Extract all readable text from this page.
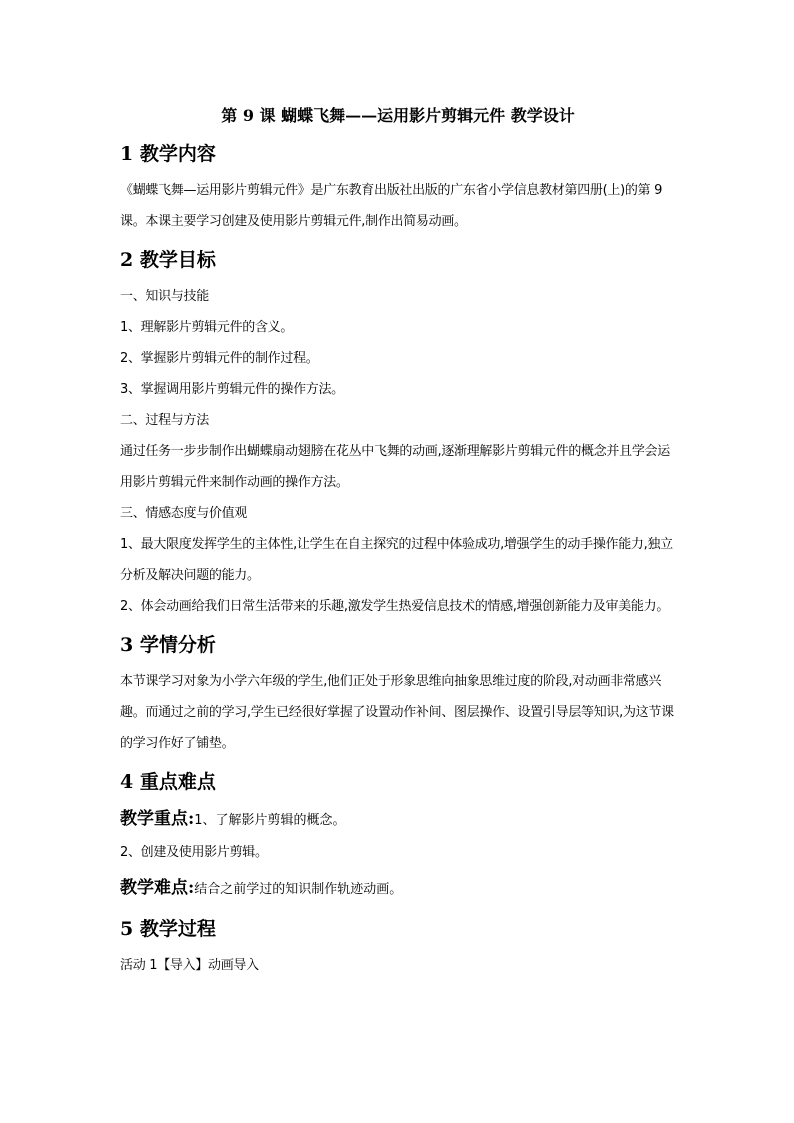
第 9 课 蝴蝶飞舞——运用影片剪辑元件 教学设计
1 教学内容

《蝴蝶飞舞—运用影片剪辑元件》是广东教育出版社出版的广东省小学信息教材第四册(上)的第 9 课。本课主要学习创建及使用影片剪辑元件,制作出简易动画。

2 教学目标

一、知识与技能

1、理解影片剪辑元件的含义。

2、掌握影片剪辑元件的制作过程。

3、掌握调用影片剪辑元件的操作方法。

二、过程与方法

通过任务一步步制作出蝴蝶扇动翅膀在花丛中飞舞的动画,逐渐理解影片剪辑元件的概念并且学会运用影片剪辑元件来制作动画的操作方法。

三、情感态度与价值观

1、最大限度发挥学生的主体性,让学生在自主探究的过程中体验成功,增强学生的动手操作能力,独立分析及解决问题的能力。

2、体会动画给我们日常生活带来的乐趣,激发学生热爱信息技术的情感,增强创新能力及审美能力。

3 学情分析

本节课学习对象为小学六年级的学生,他们正处于形象思维向抽象思维过度的阶段,对动画非常感兴趣。而通过之前的学习,学生已经很好掌握了设置动作补间、图层操作、设置引导层等知识,为这节课的学习作好了铺垫。

4 重点难点
教学重点:1、了解影片剪辑的概念。

2、创建及使用影片剪辑。

教学难点:结合之前学过的知识制作轨迹动画。
5 教学过程

活动 1【导入】动画导入
